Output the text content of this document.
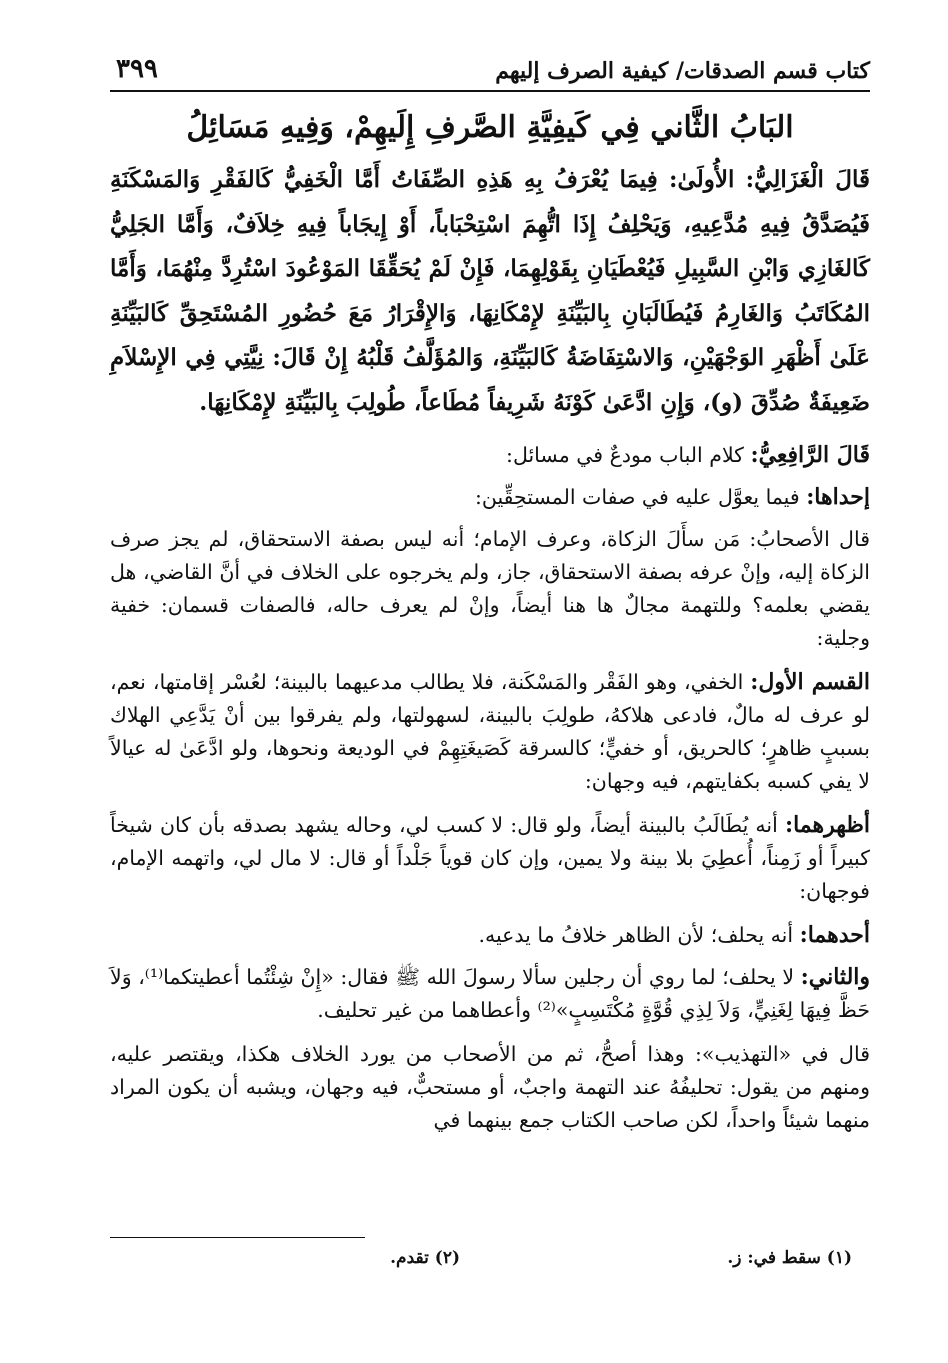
كتاب قسم الصدقات/ كيفية الصرف إليهم
٣٩٩
البَابُ الثَّاني فِي كَيفِيَّةِ الصَّرفِ إِلَيهِمْ، وَفِيهِ مَسَائِلُ

قَالَ الْغَزَالِيُّ: الأُولَىٰ: فِيمَا يُعْرَفُ بِهِ هَذِهِ الصِّفَاتُ أَمَّا الْخَفِيُّ كَالفَقْرِ وَالمَسْكَنَةِ فَيُصَدَّقُ فِيهِ مُدَّعِيهِ، وَيَحْلِفُ إِذَا اتُّهِمَ اسْتِحْبَاباً، أَوْ إِيجَاباً فِيهِ خِلاَفٌ، وَأَمَّا الجَلِيُّ كَالغَازِي وَابْنِ السَّبِيلِ فَيُعْطَيَانِ بِقَوْلِهِمَا، فَإِنْ لَمْ يُحَقِّقَا المَوْعُودَ اسْتُرِدَّ مِنْهُمَا، وَأَمَّا المُكَاتَبُ وَالغَارِمُ فَيُطَالَبَانِ بِالبَيِّنَةِ لإِمْكَانِهَا، وَالإِقْرَارُ مَعَ حُضُورِ المُسْتَحِقِّ كَالبَيِّنَةِ عَلَىٰ أَظْهَرِ الوَجْهَيْنِ، وَالاسْتِفَاضَةُ كَالبَيِّنَةِ، وَالمُؤَلَّفُ قَلْبُهُ إِنْ قَالَ: نِيَّتِي فِي الإِسْلاَمِ ضَعِيفَةٌ صُدِّقَ (و)، وَإِنِ ادَّعَىٰ كَوْنَهُ شَرِيفاً مُطَاعاً، طُولِبَ بِالبَيِّنَةِ لإِمْكَانِهَا.

قَالَ الرَّافِعِيُّ: كلام الباب مودعٌ في مسائل:

إحداها: فيما يعوَّل عليه في صفات المستحِقِّين:

قال الأصحابُ: مَن سأَلَ الزكاة، وعرف الإمام؛ أنه ليس بصفة الاستحقاق، لم يجز صرف الزكاة إليه، وإنْ عرفه بصفة الاستحقاق، جاز، ولم يخرجوه على الخلاف في أنَّ القاضي، هل يقضي بعلمه؟ وللتهمة مجالٌ ها هنا أيضاً، وإنْ لم يعرف حاله، فالصفات قسمان: خفية وجلية:

القسم الأول: الخفي، وهو الفَقْر والمَسْكَنة، فلا يطالب مدعيهما بالبينة؛ لعُسْر إقامتها، نعم، لو عرف له مالٌ، فادعى هلاكهُ، طولِبَ بالبينة، لسهولتها، ولم يفرقوا بين أنْ يَدَّعِي الهلاك بسببٍ ظاهرٍ؛ كالحريق، أو خفيٍّ؛ كالسرقة كَصَيغَتِهِمْ في الوديعة ونحوها، ولو ادَّعَىٰ له عيالاً لا يفي كسبه بكفايتهم، فيه وجهان:

أظهرهما: أنه يُطَالَبُ بالبينة أيضاً، ولو قال: لا كسب لي، وحاله يشهد بصدقه بأن كان شيخاً كبيراً أو زَمِناً، أُعطِيَ بلا بينة ولا يمين، وإن كان قوياً جَلْداً أو قال: لا مال لي، واتهمه الإمام، فوجهان:

أحدهما: أنه يحلف؛ لأن الظاهر خلافُ ما يدعيه.

والثاني: لا يحلف؛ لما روي أن رجلين سألا رسولَ الله ﷺ فقال: «إِنْ شِئْتُما أعطيتكما⁽¹⁾، وَلاَ حَظَّ فِيهَا لِغَنِيٍّ، وَلاَ لِذِي قُوَّةٍ مُكْتَسِبٍ»⁽²⁾ وأعطاهما من غير تحليف.

قال في «التهذيب»: وهذا أصحُّ، ثم من الأصحاب من يورد الخلاف هكذا، ويقتصر عليه، ومنهم من يقول: تحليفُهُ عند التهمة واجبٌ، أو مستحبٌّ، فيه وجهان، ويشبه أن يكون المراد منهما شيئاً واحداً، لكن صاحب الكتاب جمع بينهما في

(١) سقط في: ز.
(٢) تقدم.
